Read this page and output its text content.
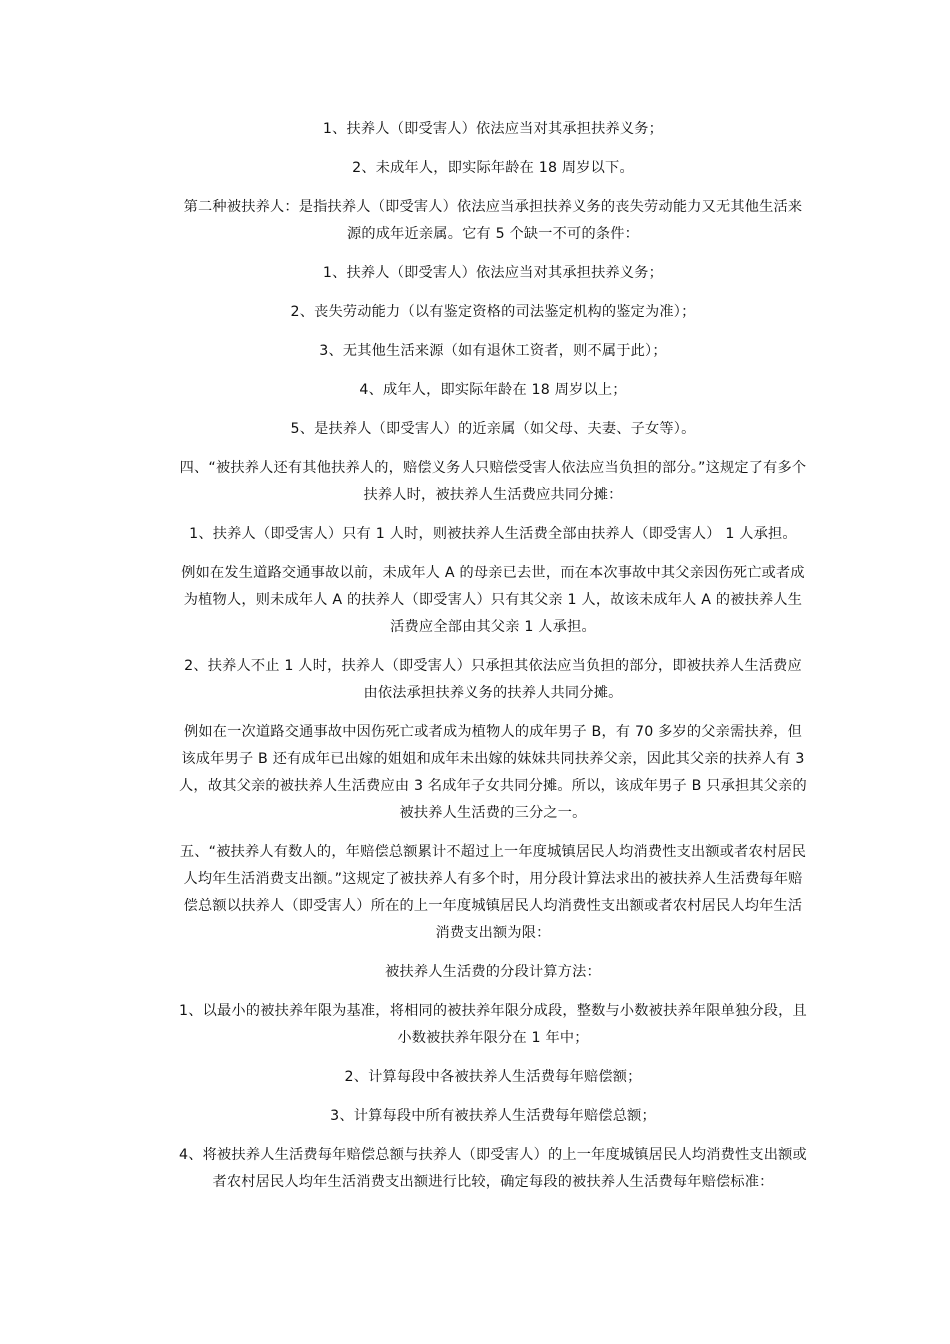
1、扶养人（即受害人）依法应当对其承担扶养义务；

2、未成年人，即实际年龄在 18 周岁以下。

第二种被扶养人：是指扶养人（即受害人）依法应当承担扶养义务的丧失劳动能力又无其他生活来源的成年近亲属。它有 5 个缺一不可的条件：

1、扶养人（即受害人）依法应当对其承担扶养义务；

2、丧失劳动能力（以有鉴定资格的司法鉴定机构的鉴定为准）；

3、无其他生活来源（如有退休工资者，则不属于此）；

4、成年人，即实际年龄在 18 周岁以上；

5、是扶养人（即受害人）的近亲属（如父母、夫妻、子女等）。

四、“被扶养人还有其他扶养人的，赔偿义务人只赔偿受害人依法应当负担的部分。”这规定了有多个扶养人时，被扶养人生活费应共同分摊：

1、扶养人（即受害人）只有 1 人时，则被扶养人生活费全部由扶养人（即受害人） 1 人承担。

例如在发生道路交通事故以前，未成年人 A 的母亲已去世，而在本次事故中其父亲因伤死亡或者成为植物人，则未成年人 A 的扶养人（即受害人）只有其父亲 1 人，故该未成年人 A 的被扶养人生活费应全部由其父亲 1 人承担。

2、扶养人不止 1 人时，扶养人（即受害人）只承担其依法应当负担的部分，即被扶养人生活费应由依法承担扶养义务的扶养人共同分摊。

例如在一次道路交通事故中因伤死亡或者成为植物人的成年男子 B，有 70 多岁的父亲需扶养，但该成年男子 B 还有成年已出嫁的姐姐和成年未出嫁的妹妹共同扶养父亲，因此其父亲的扶养人有 3 人，故其父亲的被扶养人生活费应由 3 名成年子女共同分摊。所以，该成年男子 B 只承担其父亲的被扶养人生活费的三分之一。

五、“被扶养人有数人的，年赔偿总额累计不超过上一年度城镇居民人均消费性支出额或者农村居民人均年生活消费支出额。”这规定了被扶养人有多个时，用分段计算法求出的被扶养人生活费每年赔偿总额以扶养人（即受害人）所在的上一年度城镇居民人均消费性支出额或者农村居民人均年生活消费支出额为限：

被扶养人生活费的分段计算方法：

1、以最小的被扶养年限为基准，将相同的被扶养年限分成段，整数与小数被扶养年限单独分段，且小数被扶养年限分在 1 年中；

2、计算每段中各被扶养人生活费每年赔偿额；

3、计算每段中所有被扶养人生活费每年赔偿总额；

4、将被扶养人生活费每年赔偿总额与扶养人（即受害人）的上一年度城镇居民人均消费性支出额或者农村居民人均年生活消费支出额进行比较，确定每段的被扶养人生活费每年赔偿标准：
